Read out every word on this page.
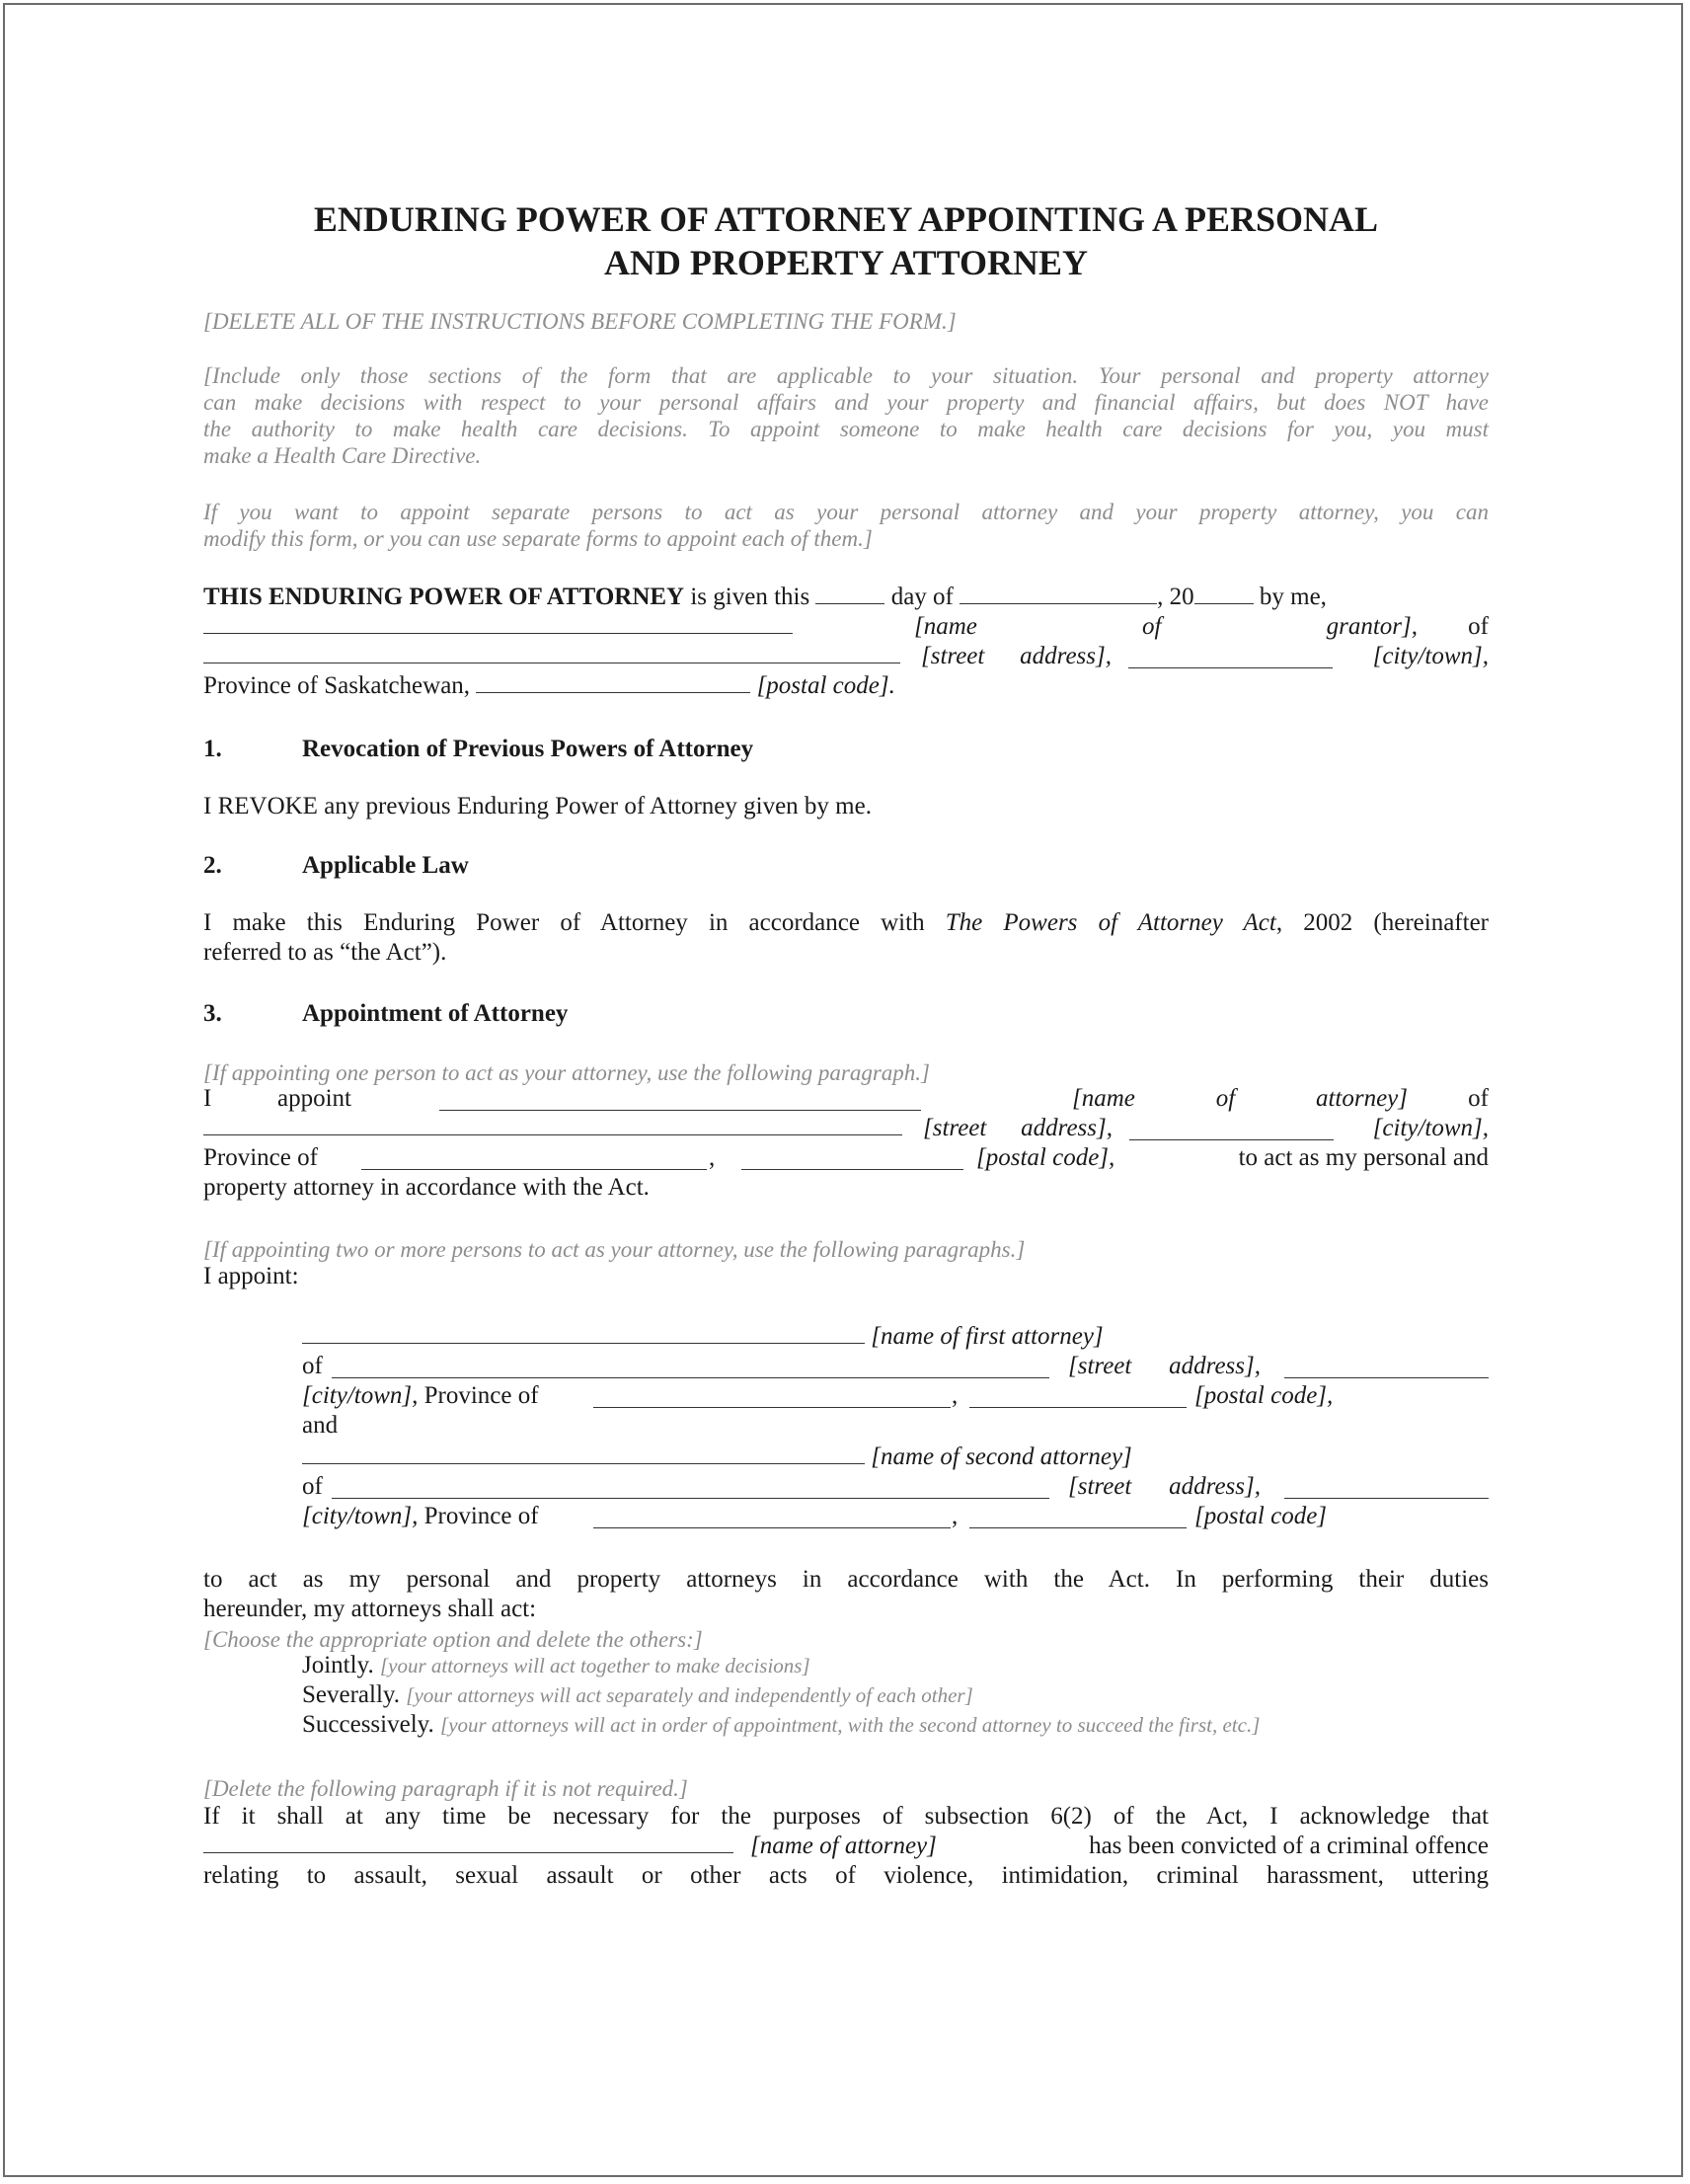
ENDURING POWER OF ATTORNEY APPOINTING A PERSONAL
AND PROPERTY ATTORNEY
[DELETE ALL OF THE INSTRUCTIONS BEFORE COMPLETING THE FORM.]
[Include only those sections of the form that are applicable to your situation. Your personal and property attorney
can make decisions with respect to your personal affairs and your property and financial affairs, but does NOT have
the authority to make health care decisions. To appoint someone to make health care decisions for you, you must
make a Health Care Directive.
If you want to appoint separate persons to act as your personal attorney and your property attorney, you can
modify this form, or you can use separate forms to appoint each of them.]
THIS ENDURING POWER OF ATTORNEY is given this	day of	, 20	by me,
[name of grantor], of
[street address],	[city/town],
Province of Saskatchewan,	[postal code].
1.	Revocation of Previous Powers of Attorney
I REVOKE any previous Enduring Power of Attorney given by me.
2.	Applicable Law
I make this Enduring Power of Attorney in accordance with The Powers of Attorney Act, 2002 (hereinafter
referred to as “the Act”).
3.	Appointment of Attorney
[If appointing one person to act as your attorney, use the following paragraph.]
I	appoint	[name of attorney] of
[street address],	[city/town],
Province of	,	[postal code],	to act as my personal and
property attorney in accordance with the Act.
[If appointing two or more persons to act as your attorney, use the following paragraphs.]
I appoint:
[name of first attorney]
of	[street address],
[city/town], Province of	,	[postal code],
and
[name of second attorney]
of	[street address],
[city/town], Province of	,	[postal code]
to act as my personal and property attorneys in accordance with the Act. In performing their duties
hereunder, my attorneys shall act:
[Choose the appropriate option and delete the others:]
Jointly. [your attorneys will act together to make decisions]
Severally. [your attorneys will act separately and independently of each other]
Successively. [your attorneys will act in order of appointment, with the second attorney to succeed the first, etc.]
[Delete the following paragraph if it is not required.]
If it shall at any time be necessary for the purposes of subsection 6(2) of the Act, I acknowledge that
[name of attorney]	has been convicted of a criminal offence
relating to assault, sexual assault or other acts of violence, intimidation, criminal harassment, uttering
